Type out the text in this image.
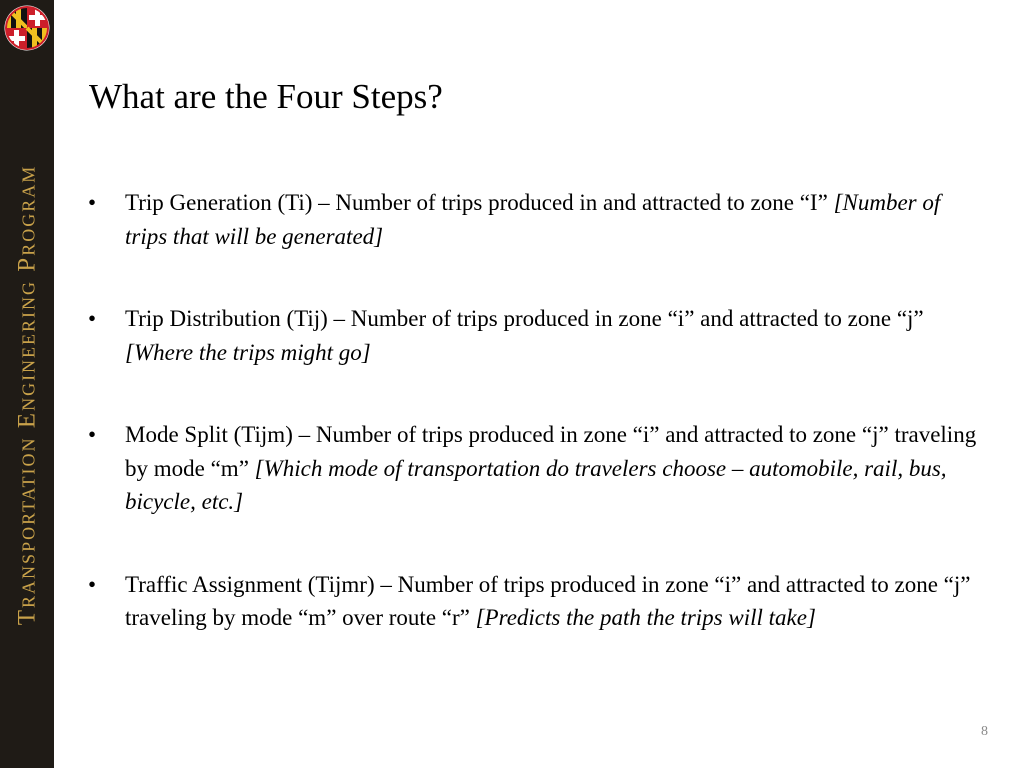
Transportation Engineering Program
What are the Four Steps?
• Trip Generation (Ti) – Number of trips produced in and attracted to zone “I” [Number of trips that will be generated]
• Trip Distribution (Tij) – Number of trips produced in zone “i” and attracted to zone “j” [Where the trips might go]
• Mode Split (Tijm) – Number of trips produced in zone “i” and attracted to zone “j” traveling by mode “m” [Which mode of transportation do travelers choose – automobile, rail, bus, bicycle, etc.]
• Traffic Assignment (Tijmr) – Number of trips produced in zone “i” and attracted to zone “j” traveling by mode “m” over route “r” [Predicts the path the trips will take]
8
